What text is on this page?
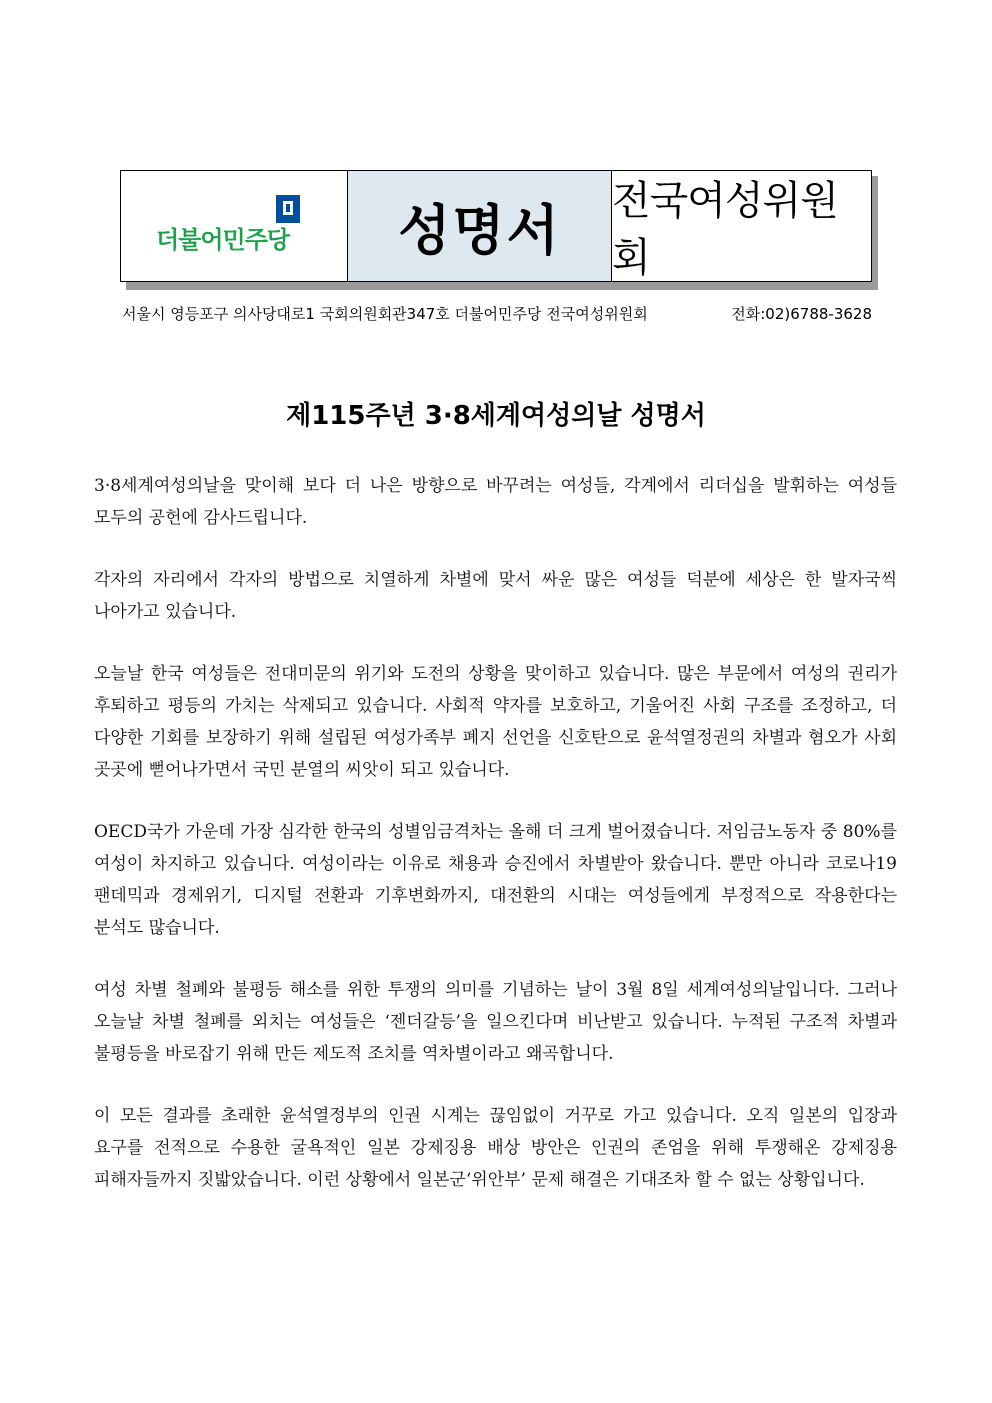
더불어민주당 성명서 전국여성위원회
서울시 영등포구 의사당대로1 국회의원회관347호 더불어민주당 전국여성위원회	전화:02)6788-3628
제115주년 3·8세계여성의날 성명서

3·8세계여성의날을 맞이해 보다 더 나은 방향으로 바꾸려는 여성들, 각계에서 리더십을 발휘하는 여성들 모두의 공헌에 감사드립니다.

각자의 자리에서 각자의 방법으로 치열하게 차별에 맞서 싸운 많은 여성들 덕분에 세상은 한 발자국씩 나아가고 있습니다.

오늘날 한국 여성들은 전대미문의 위기와 도전의 상황을 맞이하고 있습니다. 많은 부문에서 여성의 권리가 후퇴하고 평등의 가치는 삭제되고 있습니다. 사회적 약자를 보호하고, 기울어진 사회 구조를 조정하고, 더 다양한 기회를 보장하기 위해 설립된 여성가족부 폐지 선언을 신호탄으로 윤석열정권의 차별과 혐오가 사회 곳곳에 뻗어나가면서 국민 분열의 씨앗이 되고 있습니다.

OECD국가 가운데 가장 심각한 한국의 성별임금격차는 올해 더 크게 벌어졌습니다. 저임금노동자 중 80%를 여성이 차지하고 있습니다. 여성이라는 이유로 채용과 승진에서 차별받아 왔습니다. 뿐만 아니라 코로나19 팬데믹과 경제위기, 디지털 전환과 기후변화까지, 대전환의 시대는 여성들에게 부정적으로 작용한다는 분석도 많습니다.

여성 차별 철폐와 불평등 해소를 위한 투쟁의 의미를 기념하는 날이 3월 8일 세계여성의날입니다. 그러나 오늘날 차별 철폐를 외치는 여성들은 ‘젠더갈등’을 일으킨다며 비난받고 있습니다. 누적된 구조적 차별과 불평등을 바로잡기 위해 만든 제도적 조치를 역차별이라고 왜곡합니다.

이 모든 결과를 초래한 윤석열정부의 인권 시계는 끊임없이 거꾸로 가고 있습니다. 오직 일본의 입장과 요구를 전적으로 수용한 굴욕적인 일본 강제징용 배상 방안은 인권의 존엄을 위해 투쟁해온 강제징용 피해자들까지 짓밟았습니다. 이런 상황에서 일본군‘위안부’ 문제 해결은 기대조차 할 수 없는 상황입니다.
